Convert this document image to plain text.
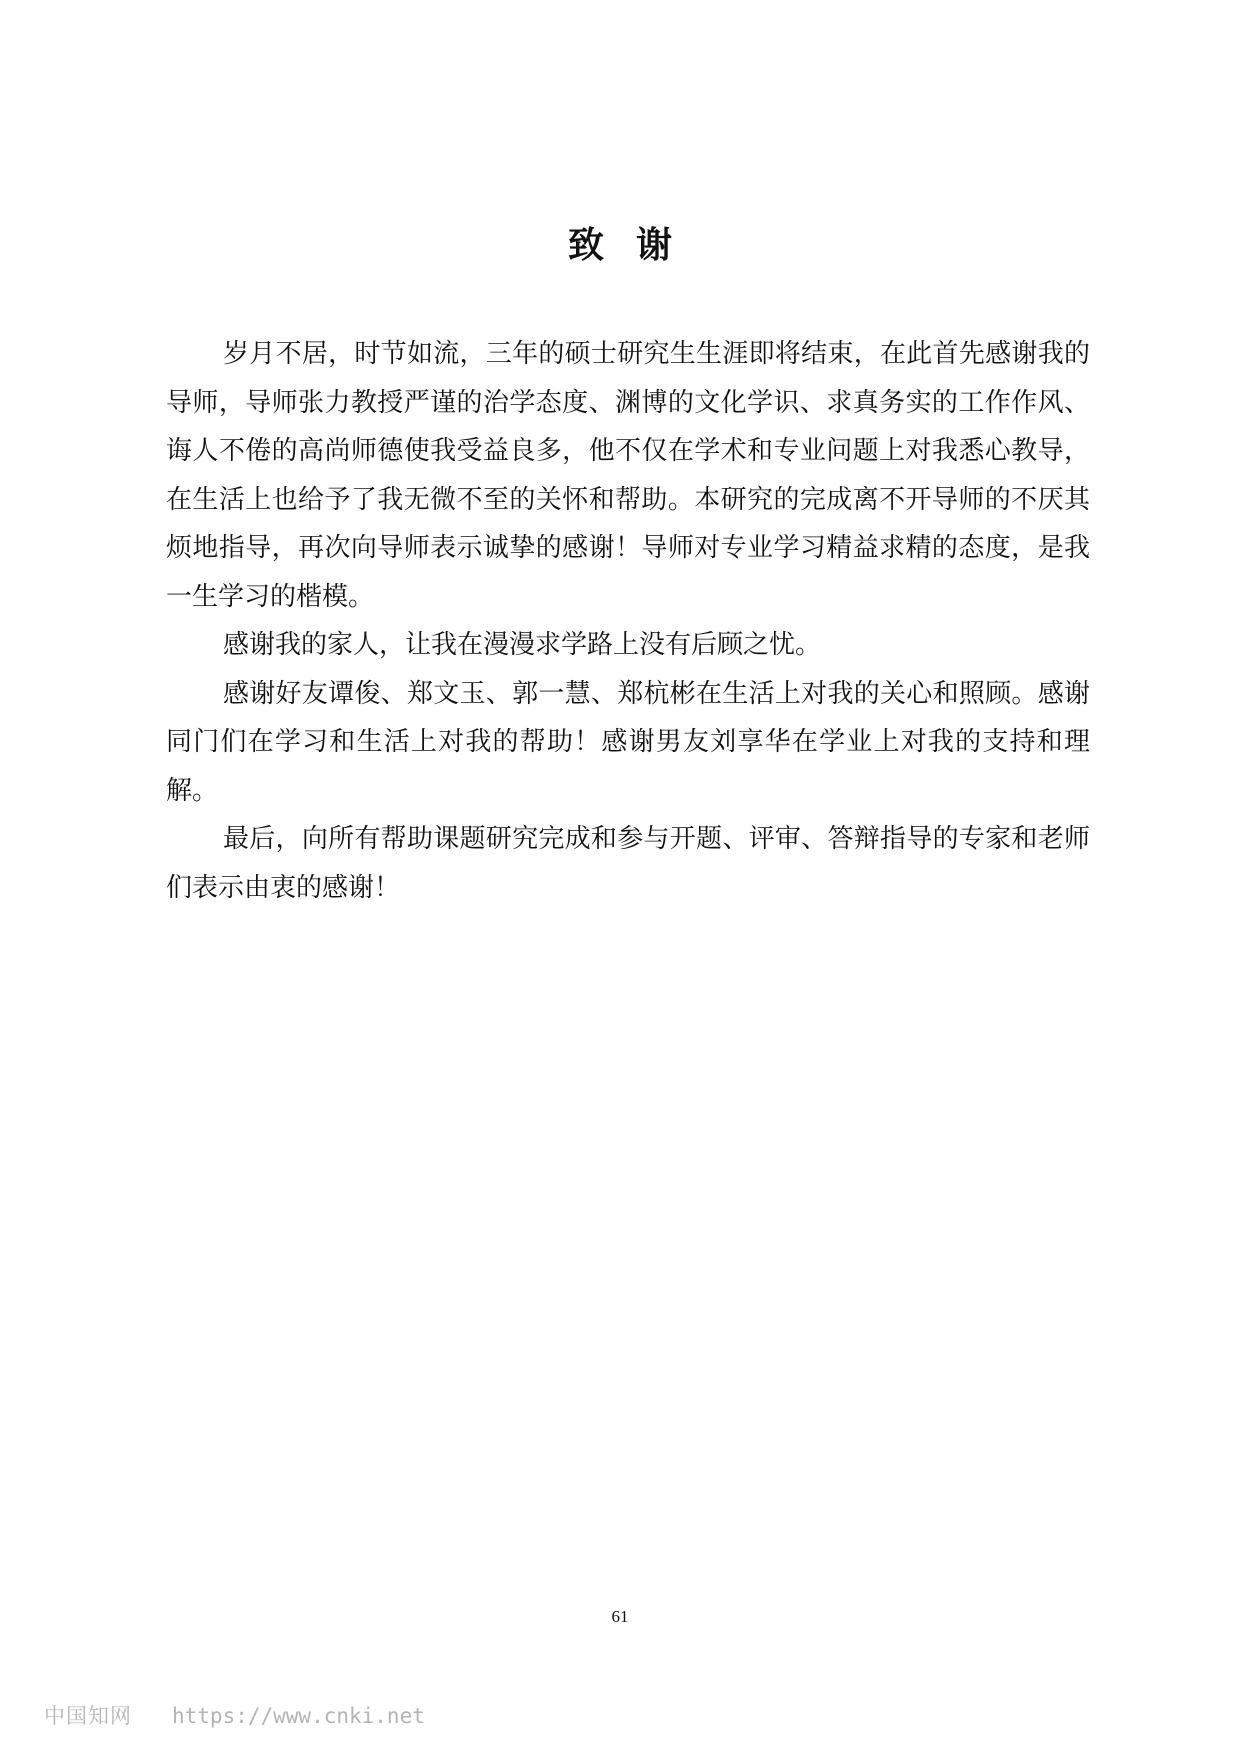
致谢

岁月不居，时节如流，三年的硕士研究生生涯即将结束，在此首先感谢我的导师，导师张力教授严谨的治学态度、渊博的文化学识、求真务实的工作作风、诲人不倦的高尚师德使我受益良多，他不仅在学术和专业问题上对我悉心教导，在生活上也给予了我无微不至的关怀和帮助。本研究的完成离不开导师的不厌其烦地指导，再次向导师表示诚挚的感谢！导师对专业学习精益求精的态度，是我一生学习的楷模。

感谢我的家人，让我在漫漫求学路上没有后顾之忧。

感谢好友谭俊、郑文玉、郭一慧、郑杭彬在生活上对我的关心和照顾。感谢同门们在学习和生活上对我的帮助！感谢男友刘享华在学业上对我的支持和理解。

最后，向所有帮助课题研究完成和参与开题、评审、答辩指导的专家和老师们表示由衷的感谢！

61
中国知网 https://www.cnki.net
